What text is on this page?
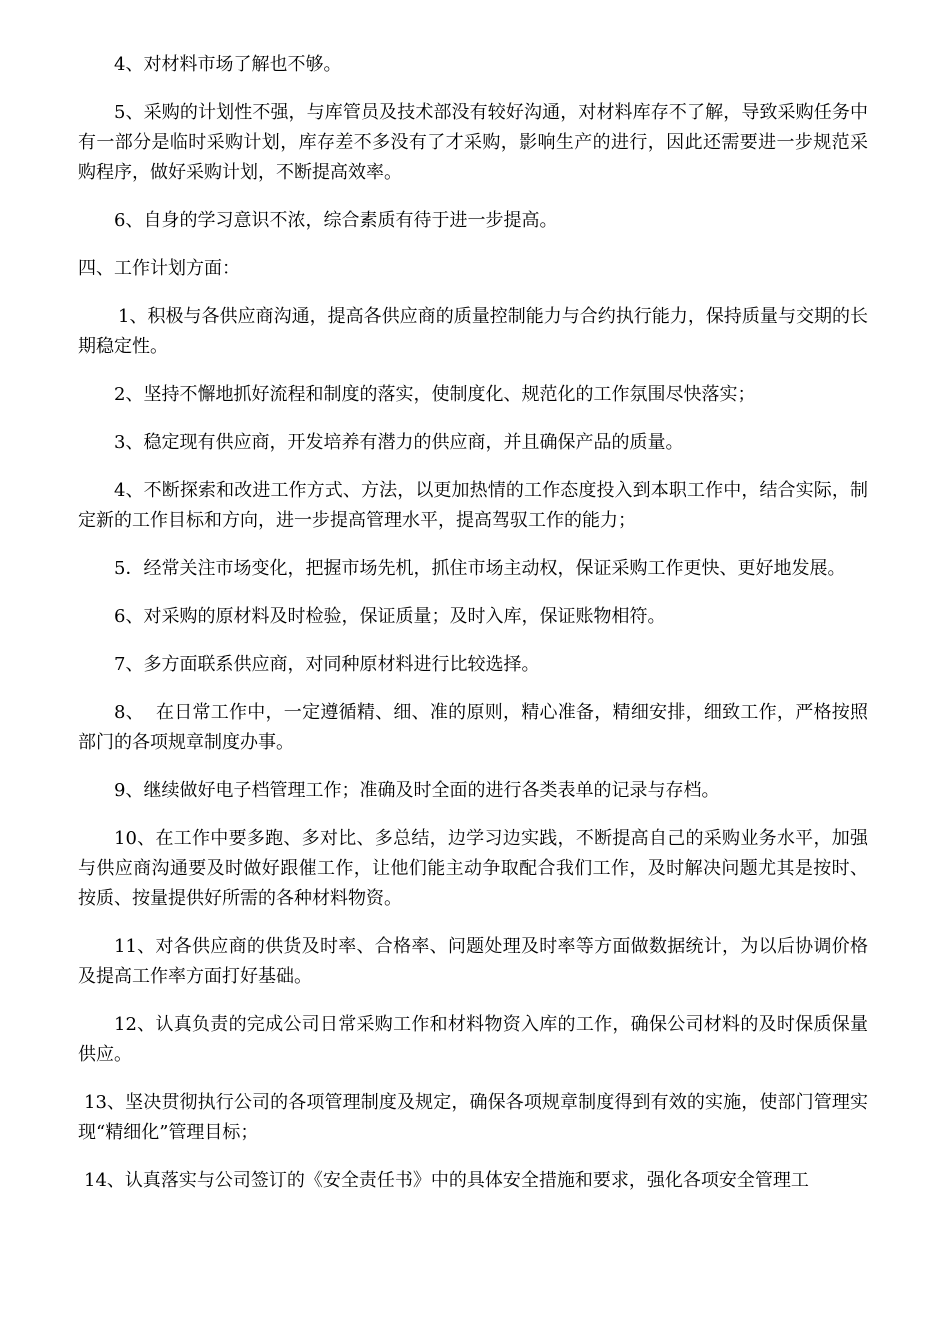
4、对材料市场了解也不够。

5、采购的计划性不强，与库管员及技术部没有较好沟通，对材料库存不了解，导致采购任务中有一部分是临时采购计划，库存差不多没有了才采购，影响生产的进行，因此还需要进一步规范采购程序，做好采购计划，不断提高效率。

6、自身的学习意识不浓，综合素质有待于进一步提高。

四、工作计划方面：

1、积极与各供应商沟通，提高各供应商的质量控制能力与合约执行能力，保持质量与交期的长期稳定性。

2、坚持不懈地抓好流程和制度的落实，使制度化、规范化的工作氛围尽快落实；

3、稳定现有供应商，开发培养有潜力的供应商，并且确保产品的质量。

4、不断探索和改进工作方式、方法，以更加热情的工作态度投入到本职工作中，结合实际，制定新的工作目标和方向，进一步提高管理水平，提高驾驭工作的能力；

5．经常关注市场变化，把握市场先机，抓住市场主动权，保证采购工作更快、更好地发展。

6、对采购的原材料及时检验，保证质量；及时入库，保证账物相符。

7、多方面联系供应商，对同种原材料进行比较选择。

8、  在日常工作中，一定遵循精、细、准的原则，精心准备，精细安排，细致工作，严格按照部门的各项规章制度办事。

9、继续做好电子档管理工作；准确及时全面的进行各类表单的记录与存档。

10、在工作中要多跑、多对比、多总结，边学习边实践，不断提高自己的采购业务水平，加强与供应商沟通要及时做好跟催工作，让他们能主动争取配合我们工作，及时解决问题尤其是按时、按质、按量提供好所需的各种材料物资。

11、对各供应商的供货及时率、合格率、问题处理及时率等方面做数据统计，为以后协调价格及提高工作率方面打好基础。

12、认真负责的完成公司日常采购工作和材料物资入库的工作，确保公司材料的及时保质保量供应。

13、坚决贯彻执行公司的各项管理制度及规定，确保各项规章制度得到有效的实施，使部门管理实现“精细化”管理目标；

14、认真落实与公司签订的《安全责任书》中的具体安全措施和要求，强化各项安全管理工
